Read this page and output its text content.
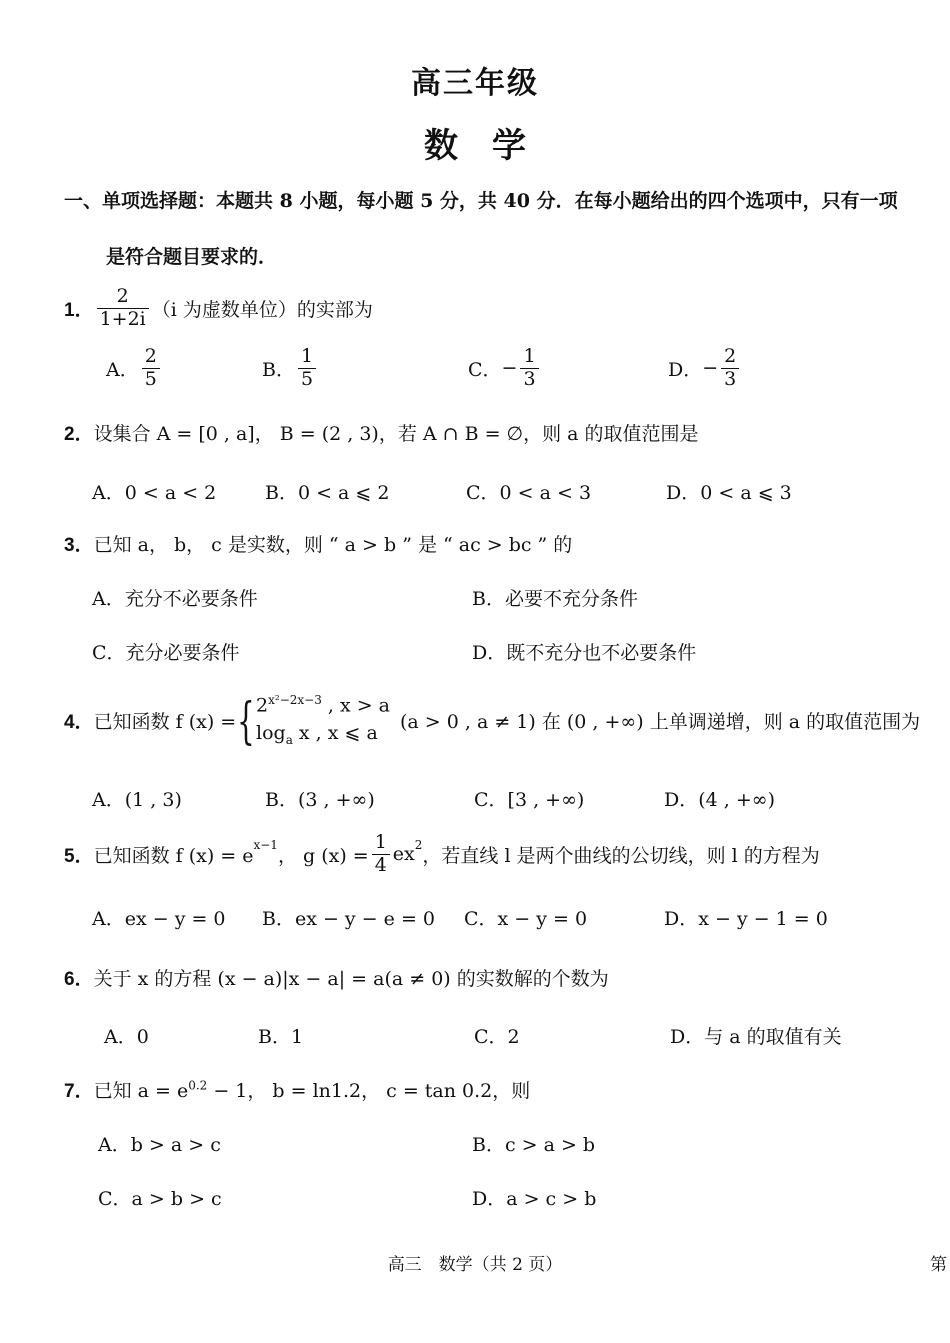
高三年级
数学
一、单项选择题：本题共 8 小题，每小题 5 分，共 40 分．在每小题给出的四个选项中，只有一项
是符合题目要求的．
1． $\frac{2}{1+2i} (i$ 为虚数单位）的实部为
A． $\frac{2}{5}$	B． $\frac{1}{5}$	C． − $\frac{1}{3}$	D． − $\frac{2}{3}$
2．设集合 A = [0 , a]， B = (2 , 3)，若 A ∩ B = ∅，则 a 的取值范围是
A．0 < a < 2	B．0 < a ⩽ 2	C．0 < a < 3	D．0 < a ⩽ 3
3．已知 a， b， c 是实数，则 “ a > b ” 是 “ ac > bc ” 的
A．充分不必要条件	B．必要不充分条件
C．充分必要条件	D．既不充分也不必要条件
4． 已知函数 f (x) = { $2^{x^2-2x-3}$ , x > a
$\log_a x$ , x ⩽ a	(a > 0 , a ≠ 1) 在 (0 , +∞) 上单调递增，则 a 的取值范围为
A．(1 , 3)	B．(3 , +∞)	C．[3 , +∞)	D．(4 , +∞)
5． 已知函数 f $(x) = e^{x-1}$ ， g $(x) = \frac{1}{4} ex^2$ ，若直线 l 是两个曲线的公切线，则 l 的方程为
A．ex − y = 0 B．ex − y − e = 0 C．x − y = 0	D．x − y − 1 = 0
6．关于 x 的方程 (x − a)|x − a| = a(a ≠ 0) 的实数解的个数为
A．0	B．1	C．2	D．与 a 的取值有关
7．已知 $a = e^{0.2} - 1$， b = ln1.2， c = tan 0.2，则
A．b > a > c	B．c > a > b
C．a > b > c	D．a > c > b
高三　数学（共 2 页）	第
